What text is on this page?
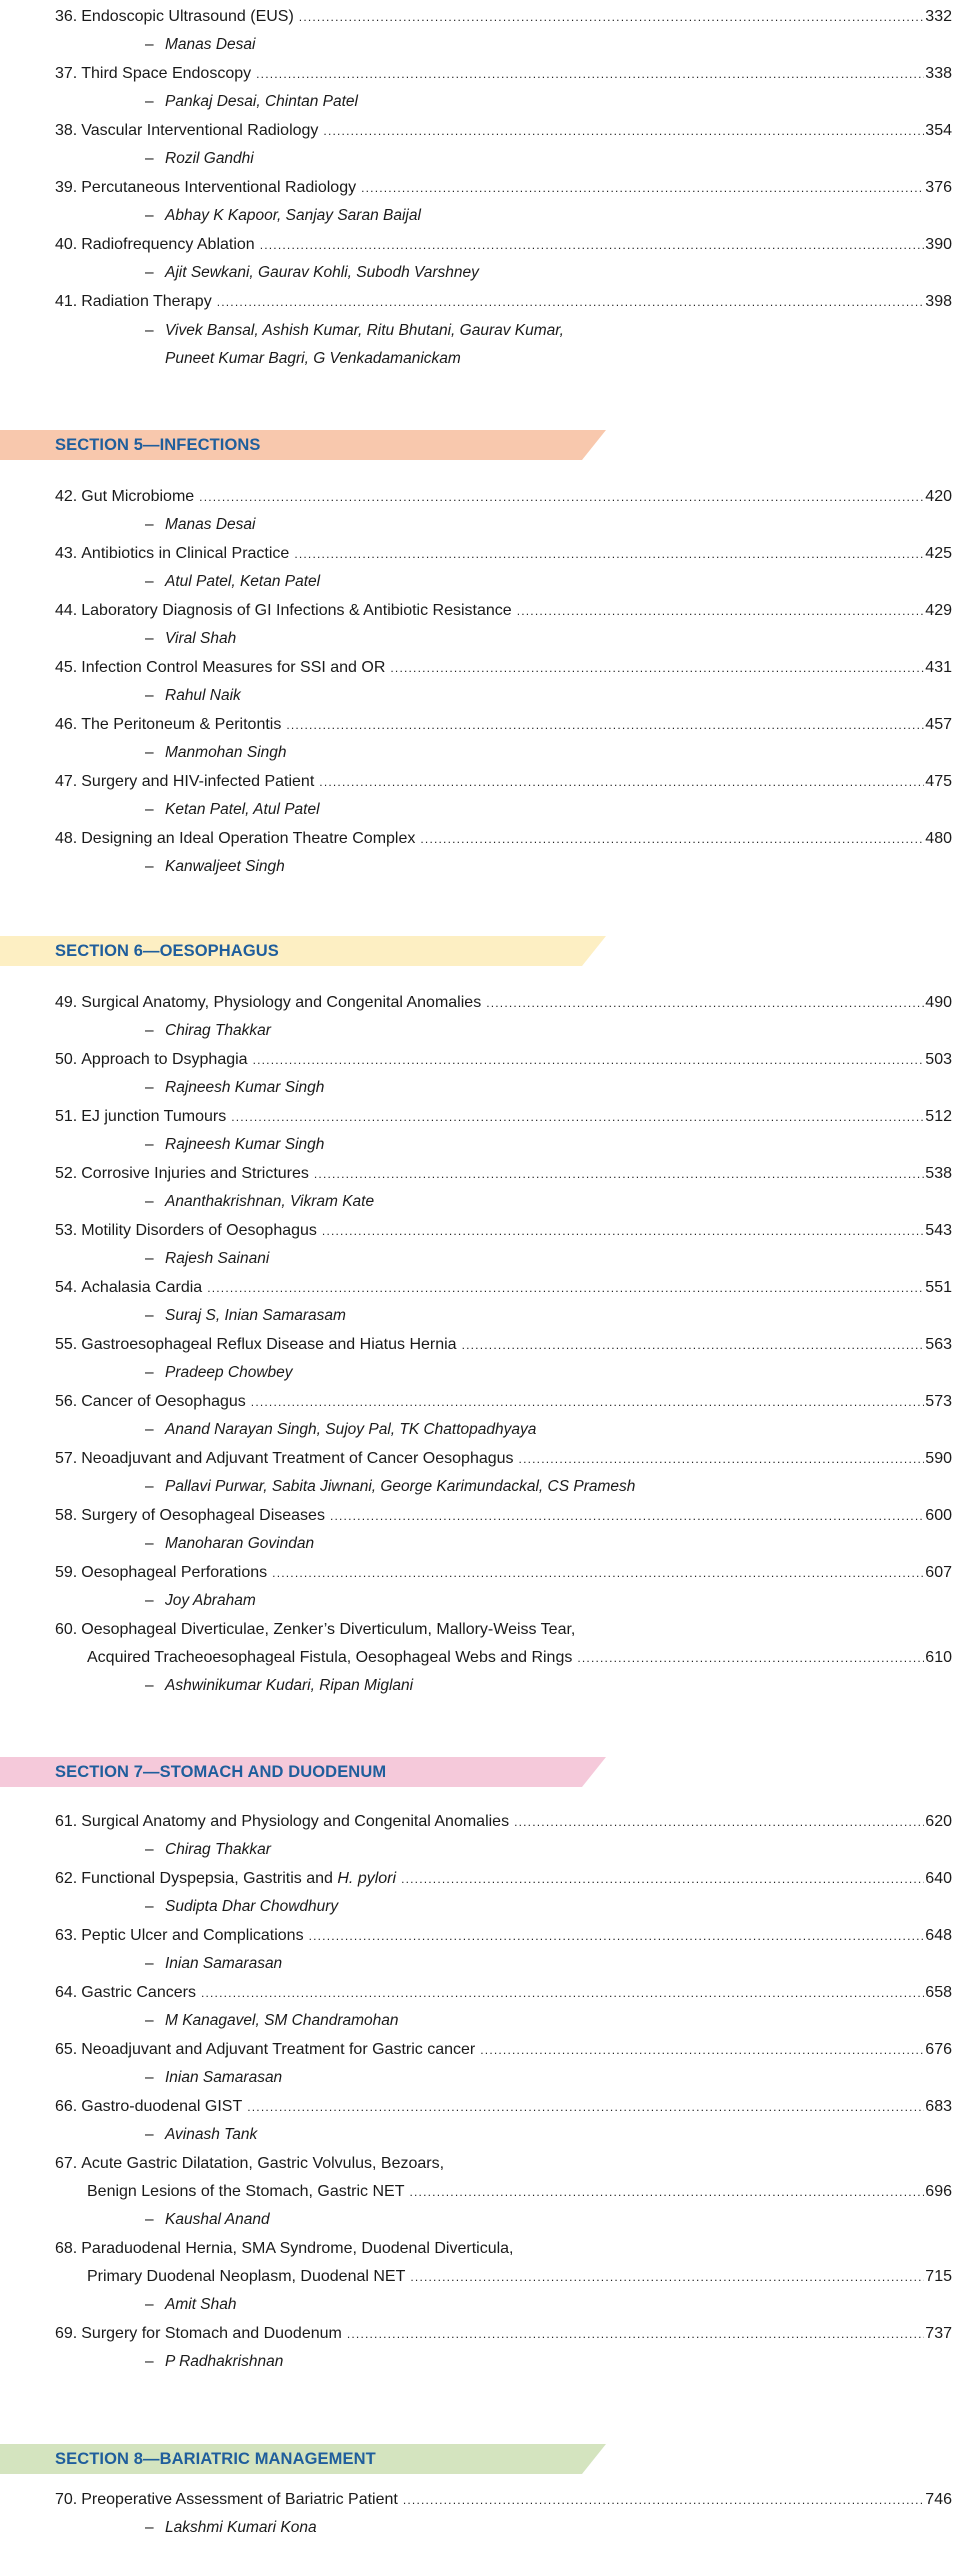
36. Endoscopic Ultrasound (EUS) .....	332
– Manas Desai
37. Third Space Endoscopy .....	338
– Pankaj Desai, Chintan Patel
38. Vascular Interventional Radiology .....	354
– Rozil Gandhi
39. Percutaneous Interventional Radiology .....	376
– Abhay K Kapoor, Sanjay Saran Baijal
40. Radiofrequency Ablation .....	390
– Ajit Sewkani, Gaurav Kohli, Subodh Varshney
41. Radiation Therapy .....	398
– Vivek Bansal, Ashish Kumar, Ritu Bhutani, Gaurav Kumar,
Puneet Kumar Bagri, G Venkadamanickam
SECTION 5—INFECTIONS
42. Gut Microbiome .....	420
– Manas Desai
43. Antibiotics in Clinical Practice .....	425
– Atul Patel, Ketan Patel
44. Laboratory Diagnosis of GI Infections & Antibiotic Resistance .....	429
– Viral Shah
45. Infection Control Measures for SSI and OR .....	431
– Rahul Naik
46. The Peritoneum & Peritontis .....	457
– Manmohan Singh
47. Surgery and HIV-infected Patient .....	475
– Ketan Patel, Atul Patel
48. Designing an Ideal Operation Theatre Complex .....	480
– Kanwaljeet Singh
SECTION 6—OESOPHAGUS
49. Surgical Anatomy, Physiology and Congenital Anomalies .....	490
– Chirag Thakkar
50. Approach to Dsyphagia .....	503
– Rajneesh Kumar Singh
51. EJ junction Tumours .....	512
– Rajneesh Kumar Singh
52. Corrosive Injuries and Strictures .....	538
– Ananthakrishnan, Vikram Kate
53. Motility Disorders of Oesophagus .....	543
– Rajesh Sainani
54. Achalasia Cardia .....	551
– Suraj S, Inian Samarasam
55. Gastroesophageal Reflux Disease and Hiatus Hernia .....	563
– Pradeep Chowbey
56. Cancer of Oesophagus .....	573
– Anand Narayan Singh, Sujoy Pal, TK Chattopadhyaya
57. Neoadjuvant and Adjuvant Treatment of Cancer Oesophagus .....	590
– Pallavi Purwar, Sabita Jiwnani, George Karimundackal, CS Pramesh
58. Surgery of Oesophageal Diseases .....	600
– Manoharan Govindan
59. Oesophageal Perforations .....	607
– Joy Abraham
60. Oesophageal Diverticulae, Zenker’s Diverticulum, Mallory-Weiss Tear,
Acquired Tracheoesophageal Fistula, Oesophageal Webs and Rings .....	610
– Ashwinikumar Kudari, Ripan Miglani
SECTION 7—STOMACH AND DUODENUM
61. Surgical Anatomy and Physiology and Congenital Anomalies .....	620
– Chirag Thakkar
62. Functional Dyspepsia, Gastritis and H. pylori .....	640
– Sudipta Dhar Chowdhury
63. Peptic Ulcer and Complications .....	648
– Inian Samarasan
64. Gastric Cancers .....	658
– M Kanagavel, SM Chandramohan
65. Neoadjuvant and Adjuvant Treatment for Gastric cancer .....	676
– Inian Samarasan
66. Gastro-duodenal GIST .....	683
– Avinash Tank
67. Acute Gastric Dilatation, Gastric Volvulus, Bezoars,
Benign Lesions of the Stomach, Gastric NET .....	696
– Kaushal Anand
68. Paraduodenal Hernia, SMA Syndrome, Duodenal Diverticula,
Primary Duodenal Neoplasm, Duodenal NET .....	715
– Amit Shah
69. Surgery for Stomach and Duodenum .....	737
– P Radhakrishnan
SECTION 8—BARIATRIC MANAGEMENT
70. Preoperative Assessment of Bariatric Patient .....	746
– Lakshmi Kumari Kona
